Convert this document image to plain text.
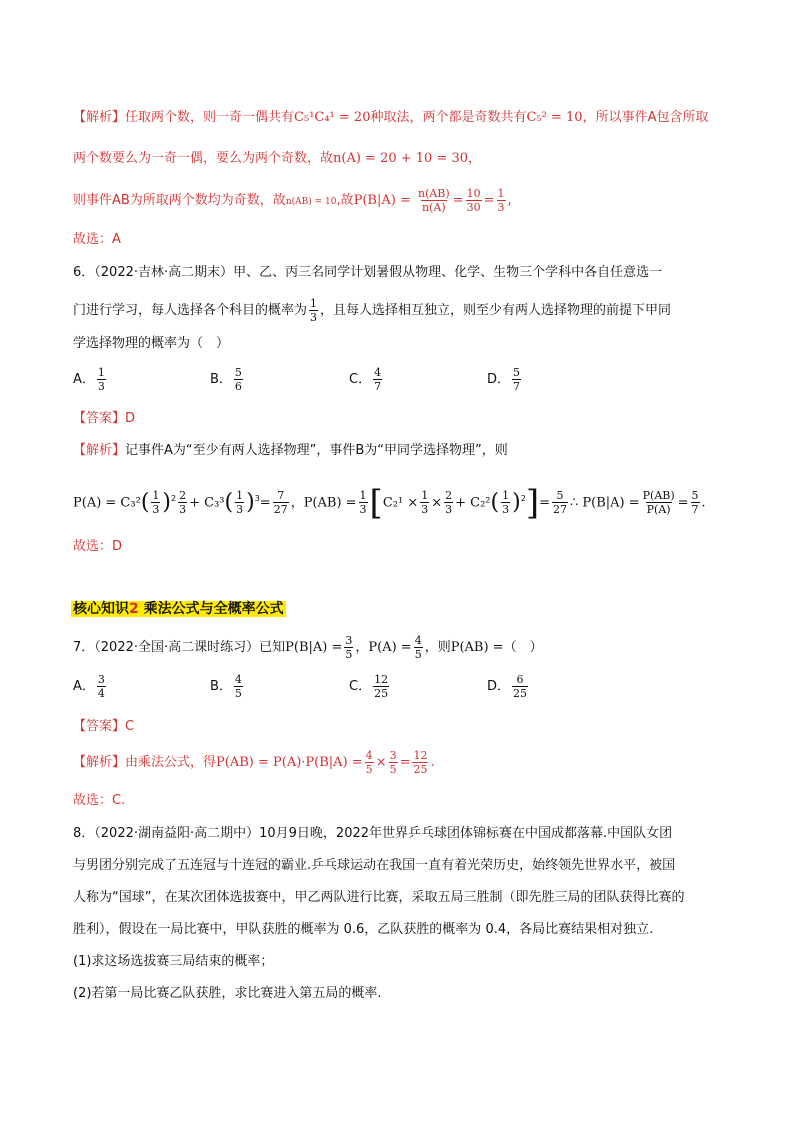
【解析】任取两个数，则一奇一偶共有C₅¹C₄¹ = 20种取法，两个都是奇数共有C₅² = 10，所以事件A包含所取
两个数要么为一奇一偶，要么为两个奇数，故n(A) = 20 + 10 = 30，
则事件AB为所取两个数均为奇数，故n(AB) = 10,故$P(B|A) = \frac{n(AB)}{n(A)} = \frac{10}{30} = \frac{1}{3}$ ,
故选：A
6．（2022·吉林·高二期末）甲、乙、丙三名同学计划暑假从物理、化学、生物三个学科中各自任意选一
门进行学习，每人选择各个科目的概率为 $\frac{1}{3}$ ，且每人选择相互独立，则至少有两人选择物理的前提下甲同
学选择物理的概率为（　）
A． $\frac{1}{3}$	B． $\frac{5}{6}$	C． $\frac{4}{7}$	D． $\frac{5}{7}$
【答案】D
【解析】记事件A为“至少有两人选择物理”，事件B为“甲同学选择物理”，则
$P(A) = C_3^2( \frac{1}{3} )^2 \frac{2}{3} + C_3^3( \frac{1}{3} )^3= \frac{7}{27}$ ，$P(AB) = \frac{1}{3} [C_2^1 \times \frac{1}{3} \times \frac{2}{3} + C_2^2( \frac{1}{3} )^2]= \frac{5}{27}$ ∴ $P(B|A) = \frac{P(AB)}{P(A)} = \frac{5}{7}$ .
故选：D
核心知识2 乘法公式与全概率公式
7．（2022·全国·高二课时练习）已知$P(B|A) = \frac{3}{5}$ ，$P(A) = \frac{4}{5}$ ，则P(AB) =（　）
A． $\frac{3}{4}$	B． $\frac{4}{5}$	C． $\frac{12}{25}$	D． $\frac{6}{25}$
【答案】C
【解析】由乘法公式，得$P(AB) = P(A)\cdot P(B|A) = \frac{4}{5} \times \frac{3}{5} = \frac{12}{25}$ .
故选：C.
8．（2022·湖南益阳·高二期中）10月9日晚，2022年世界乒乓球团体锦标赛在中国成都落幕.中国队女团
与男团分别完成了五连冠与十连冠的霸业.乒乓球运动在我国一直有着光荣历史，始终领先世界水平，被国
人称为“国球”，在某次团体选拔赛中，甲乙两队进行比赛，采取五局三胜制（即先胜三局的团队获得比赛的
胜利），假设在一局比赛中，甲队获胜的概率为 0.6，乙队获胜的概率为 0.4，各局比赛结果相对独立.
(1)求这场选拔赛三局结束的概率；
(2)若第一局比赛乙队获胜，求比赛进入第五局的概率.
